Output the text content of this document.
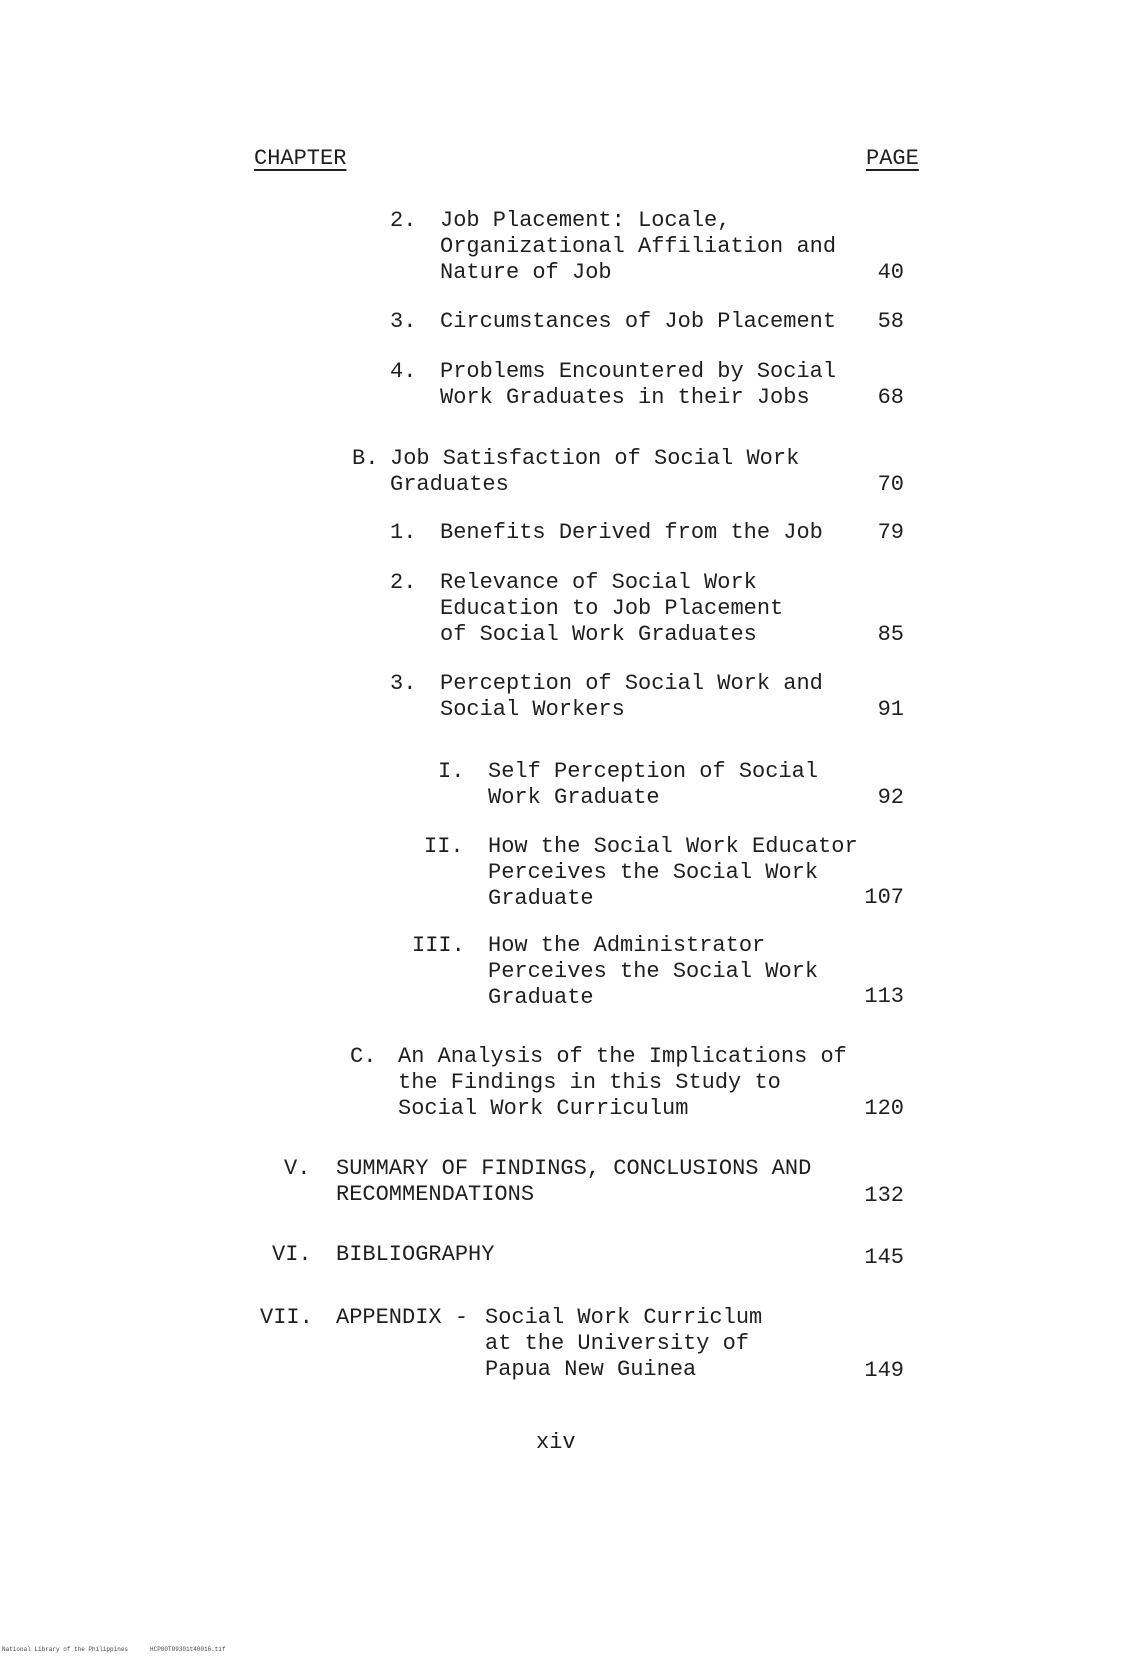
CHAPTER	PAGE
2. Job Placement: Locale,
Organizational Affiliation and
Nature of Job	40
3. Circumstances of Job Placement	58
4. Problems Encountered by Social
Work Graduates in their Jobs	68
B. Job Satisfaction of Social Work
Graduates	70
1. Benefits Derived from the Job	79
2. Relevance of Social Work
Education to Job Placement
of Social Work Graduates	85
3. Perception of Social Work and
Social Workers	91
I. Self Perception of Social
Work Graduate	92
II. How the Social Work Educator
Perceives the Social Work
Graduate	107
III. How the Administrator
Perceives the Social Work
Graduate	113
C. An Analysis of the Implications of
the Findings in this Study to
Social Work Curriculum	120
V. SUMMARY OF FINDINGS, CONCLUSIONS AND
RECOMMENDATIONS	132
VI. BIBLIOGRAPHY	145
VII. APPENDIX - Social Work Curriclum
at the University of
Papua New Guinea	149
xiv
National Library of the Philippines	HCP00T09301t40016.tif
